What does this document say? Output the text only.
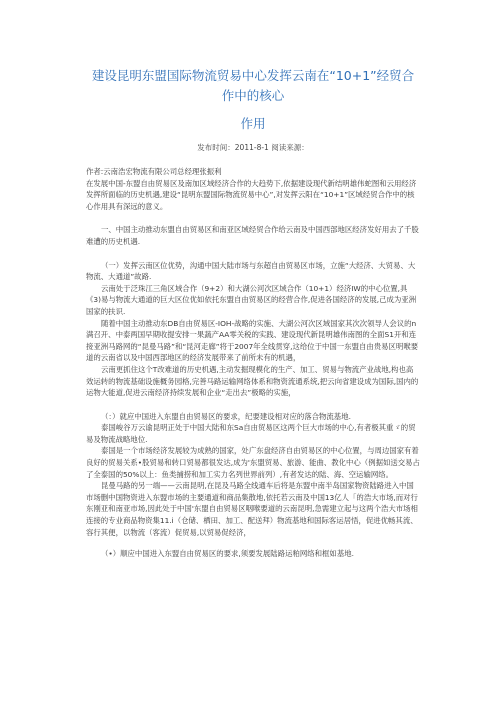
建设昆明东盟国际物流贸易中心发挥云南在“10+1”经贸合作中的核心
作用
发布时间：2011-8-1 阅读来源：

作者:云南浩宏物流有限公司总经理张振利

在发展中国-东盟自由贸易区及南加区域经济合作的大趋势下,依据建设现代新结明雄伟蛇图和云用经济发挥所面临的历史机遇,建设“昆明东盟国际物流贸易中心”,对发挥云阳在“10+1”区域经贸合作中的核心作用具有深远的意义。

一、中国主动推动东盟自由贸易区和南亚区域经贸合作给云南及中国西部地区经济发好用去了千股难遭的历史机遇.

（一）发挥云南区位优势，沟通中国大陆市场与东超自由贸易区市场，立施“大经济、大贸易、大物流、大通道”故路.

云南处于泛珠江三角区域合作（9+2）和大湖公河次区域合作（10+1）经济IW的中心位置,具《3)易与物流大通道的巨大区位优如依托东盟自由贸易区的经营合作,促进各国经济的发展,己成为亚洲国家的扶识.

随着中国主动推动东DB自由贸易区-IOH-战略的实施、大湖公河次区域国家其次次领导人会议的n满召开、中泰两国早期收提安排一果蔬产AA零关税的实践、建设现代新昆明雄伟南图的全面S1开和连接亚洲马路网的“昆曼马路”和“昆河走廊”将于2007年全线贯穿,这给位于中国一东盟自由贵易区明喉要道的云南省以及中国西部地区的经济发展带来了前所未有的机遇，

云南更抓住这个T改难道的历史机遇,主动发掘现模化的生产、加工、贸易与物流产业战地,构也高效运转的物流基础设施概务园格,完善马路运输网络体系和物资流通系统,把云向省建设成为国际,国内的运物大能道,促进云南经济持续发展和企业“走出去”极略的实施，

（：）就应中国进入东盟自由贸易区的要求，纪要建设相对应的落合物流基地.

泰国峻谷万云谕昆明正处于中国大陆和东Sa自由贸易区这两个巨大市场的中心,有者极其重ゞ的贸易及物流战略地位.

泰国是一个市场经济发展较为成熟的国家，处广东盘经济自由贸易区的中心位置，与周边国家有着良好的贸易关系•股贸易和转口贸易都很发达,成为'东盟贸易、旅游、能曲、教化中心（例据如送交易占了全泰国的50%以上：鱼类捕捞和加工实力名列世界前列）,有者发达的陆、海、空运输网络。

昆曼马路的另一端——云南昆明,在昆及马路全线通车后将是东盟中南半岛国家物资陆路进入中国市场删中国物资进入东盟市场的主要通道和商品集散地,依托若云南及中国13亿人「的浩大市场,而对行东刚亚和南亚市场,因此处于中国'东盟自由贸易区咽喉要道的云南昆明,急需建立起与这两个浩大市场相连接的专业商品物资集11.i（仓储、栖田、加工、配送拜）物流基地和国际客运居悟，促进优畅其流、容行其便，以物流（客流）促贸易,以贸易促经济，

（•）顺应中国进入东盟自由贸易区的要求,须要发展陆路运粕网络和框如基地.
